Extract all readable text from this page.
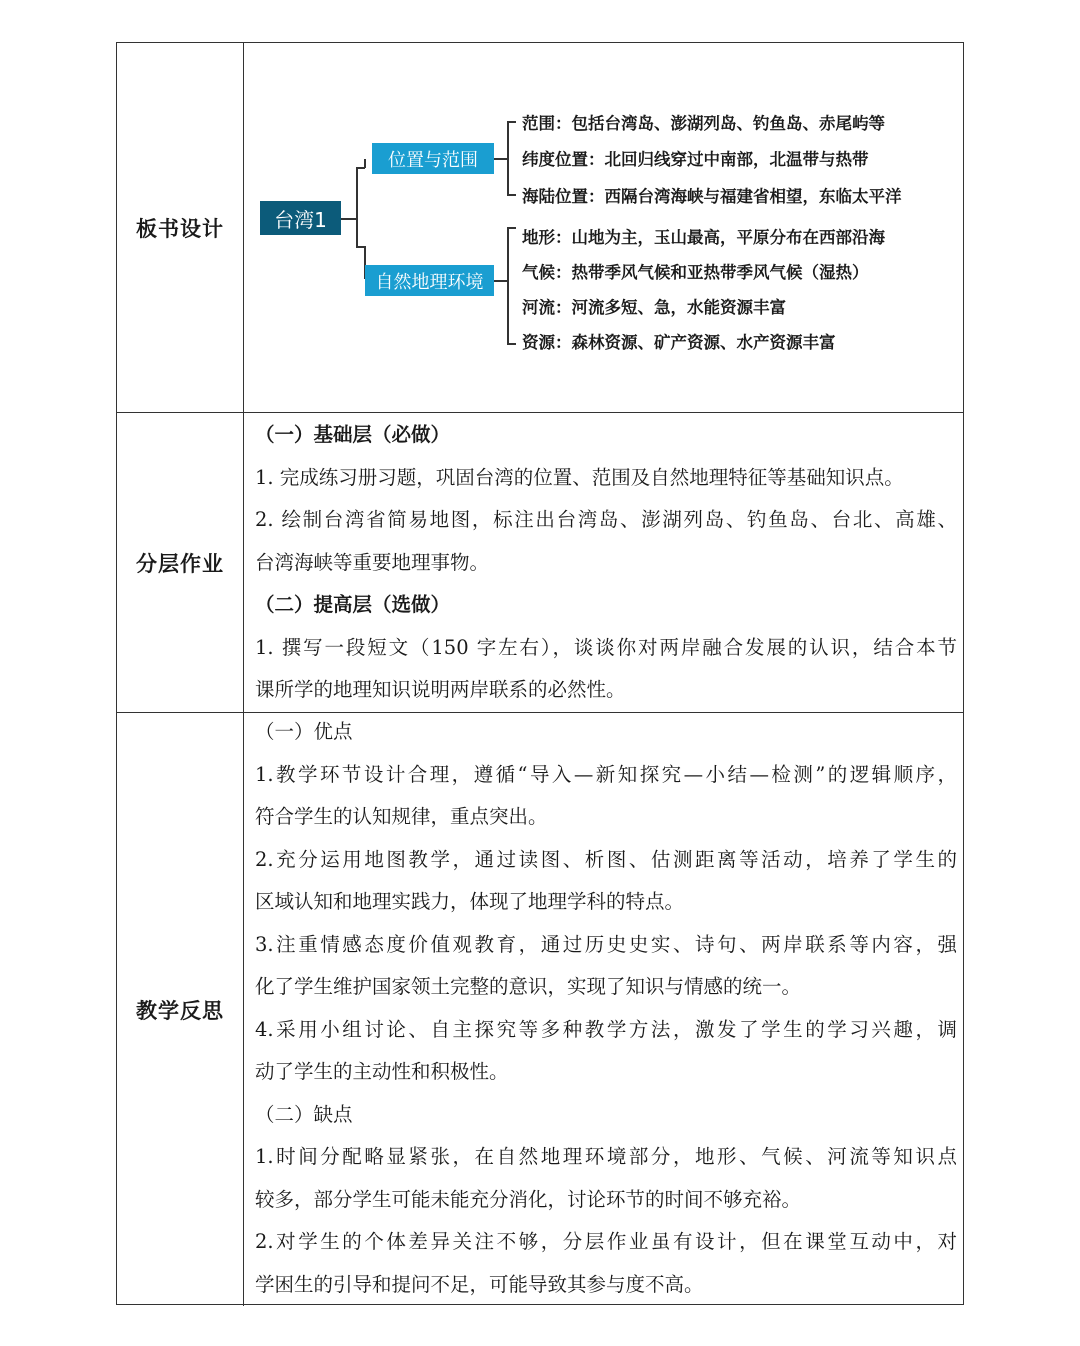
板书设计	台湾1
位置与范围
范围：包括台湾岛、澎湖列岛、钓鱼岛、赤尾屿等
纬度位置：北回归线穿过中南部，北温带与热带
海陆位置：西隔台湾海峡与福建省相望，东临太平洋
自然地理环境
地形：山地为主，玉山最高，平原分布在西部沿海
气候：热带季风气候和亚热带季风气候（湿热）
河流：河流多短、急，水能资源丰富
资源：森林资源、矿产资源、水产资源丰富
分层作业
（一）基础层（必做）
1. 完成练习册习题，巩固台湾的位置、范围及自然地理特征等基础知识点。
2. 绘制台湾省简易地图，标注出台湾岛、澎湖列岛、钓鱼岛、台北、高雄、
台湾海峡等重要地理事物。
（二）提高层（选做）
1. 撰写一段短文（150 字左右），谈谈你对两岸融合发展的认识，结合本节
课所学的地理知识说明两岸联系的必然性。
教学反思
（一）优点
1.教学环节设计合理，遵循“导入—新知探究—小结—检测”的逻辑顺序，
符合学生的认知规律，重点突出。
2.充分运用地图教学，通过读图、析图、估测距离等活动，培养了学生的
区域认知和地理实践力，体现了地理学科的特点。
3.注重情感态度价值观教育，通过历史史实、诗句、两岸联系等内容，强
化了学生维护国家领土完整的意识，实现了知识与情感的统一。
4.采用小组讨论、自主探究等多种教学方法，激发了学生的学习兴趣，调
动了学生的主动性和积极性。
（二）缺点
1.时间分配略显紧张，在自然地理环境部分，地形、气候、河流等知识点
较多，部分学生可能未能充分消化，讨论环节的时间不够充裕。
2.对学生的个体差异关注不够，分层作业虽有设计，但在课堂互动中，对
学困生的引导和提问不足，可能导致其参与度不高。
